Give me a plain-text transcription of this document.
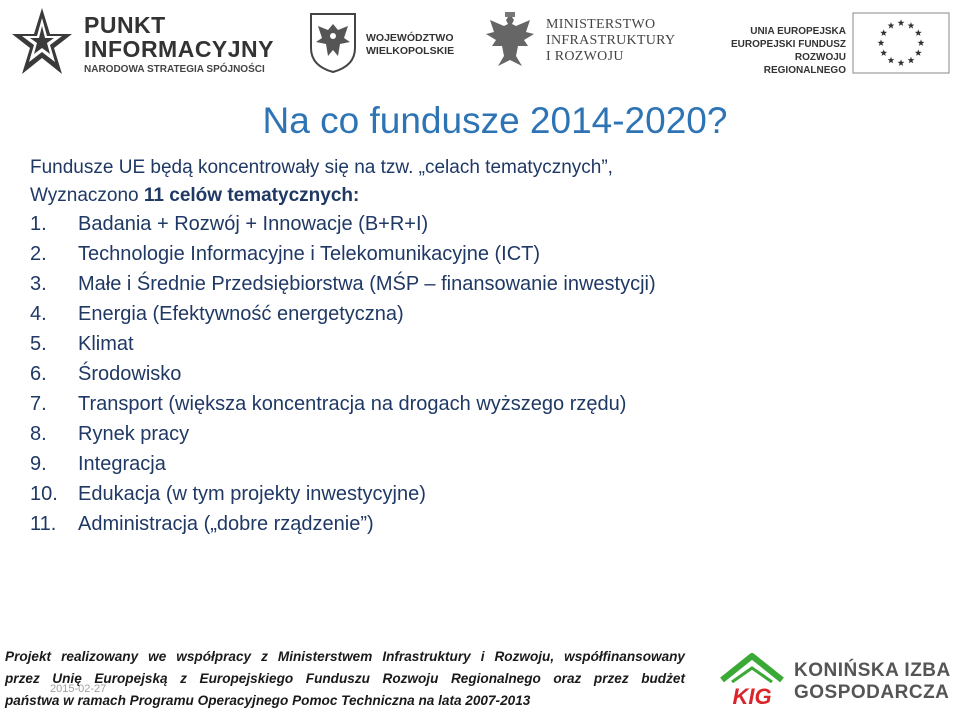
PUNKT
INFORMACYJNY
NARODOWA STRATEGIA SPÓJNOŚCI
WOJEWÓDZTWO
WIELKOPOLSKIE
MINISTERSTWO
INFRASTRUKTURY
I ROZWOJU
UNIA EUROPEJSKA
EUROPEJSKI FUNDUSZ
ROZWOJU REGIONALNEGO
Na co fundusze 2014-2020?
Fundusze UE będą koncentrowały się na tzw. „celach tematycznych”,
Wyznaczono 11 celów tematycznych:
1. Badania + Rozwój + Innowacje (B+R+I)
2. Technologie Informacyjne i Telekomunikacyjne (ICT)
3. Małe i Średnie Przedsiębiorstwa (MŚP – finansowanie inwestycji)
4. Energia (Efektywność energetyczna)
5. Klimat
6. Środowisko
7. Transport (większa koncentracja na drogach wyższego rzędu)
8. Rynek pracy
9. Integracja
10. Edukacja (w tym projekty inwestycyjne)
11. Administracja („dobre rządzenie”)
Projekt realizowany we współpracy z Ministerstwem Infrastruktury i Rozwoju, współfinansowany
przez Unię Europejską z Europejskiego Funduszu Rozwoju Regionalnego oraz przez budżet
państwa w ramach Programu Operacyjnego Pomoc Techniczna na lata 2007-2013
2015-02-27	KIG
KONIŃSKA IZBA
GOSPODARCZA
